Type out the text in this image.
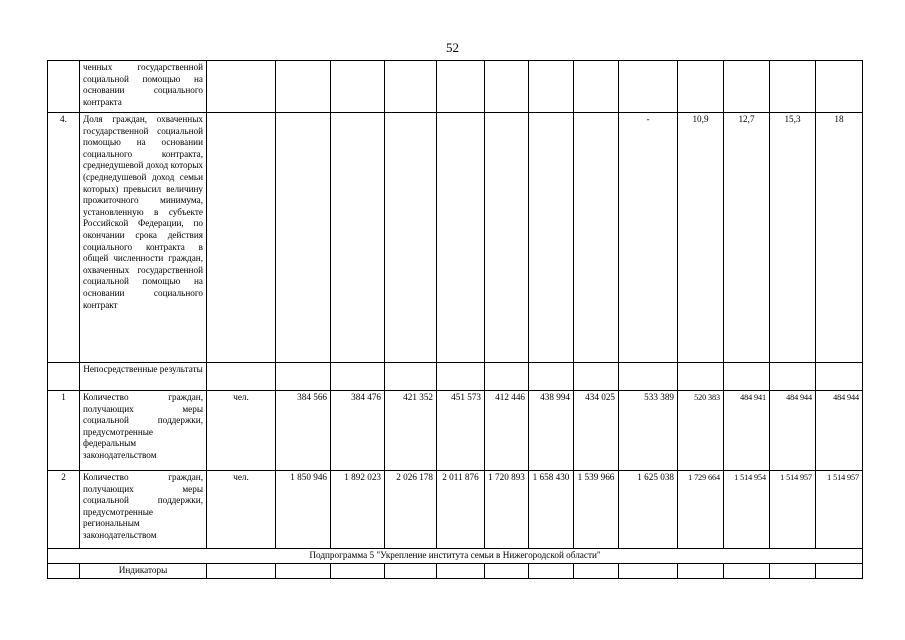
52
	ченных государственной социальной помощью на основании социального контракта													
4.	Доля граждан, охваченных государственной социальной помощью на основании социального контракта, среднедушевой доход которых (среднедушевой доход семьи которых) превысил величину прожиточного минимума, установленную в субъекте Российской Федерации, по окончании срока действия социального контракта в общей численности граждан, охваченных государственной социальной помощью на основании социального контракт									-	10,9	12,7	15,3	18
	Непосредственные результаты													
1	Количество граждан, получающих меры социальной поддержки, предусмотренные федеральным законодательством	чел.	384 566	384 476	421 352	451 573	412 446	438 994	434 025	533 389	520 383	484 941	484 944	484 944
2	Количество граждан, получающих меры социальной поддержки, предусмотренные региональным законодательством	чел.	1 850 946	1 892 023	2 026 178	2 011 876	1 720 893	1 658 430	1 539 966	1 625 038	1 729 664	1 514 954	1 514 957	1 514 957
Подпрограмма 5 "Укрепление института семьи в Нижегородской области"														
	Индикаторы													
